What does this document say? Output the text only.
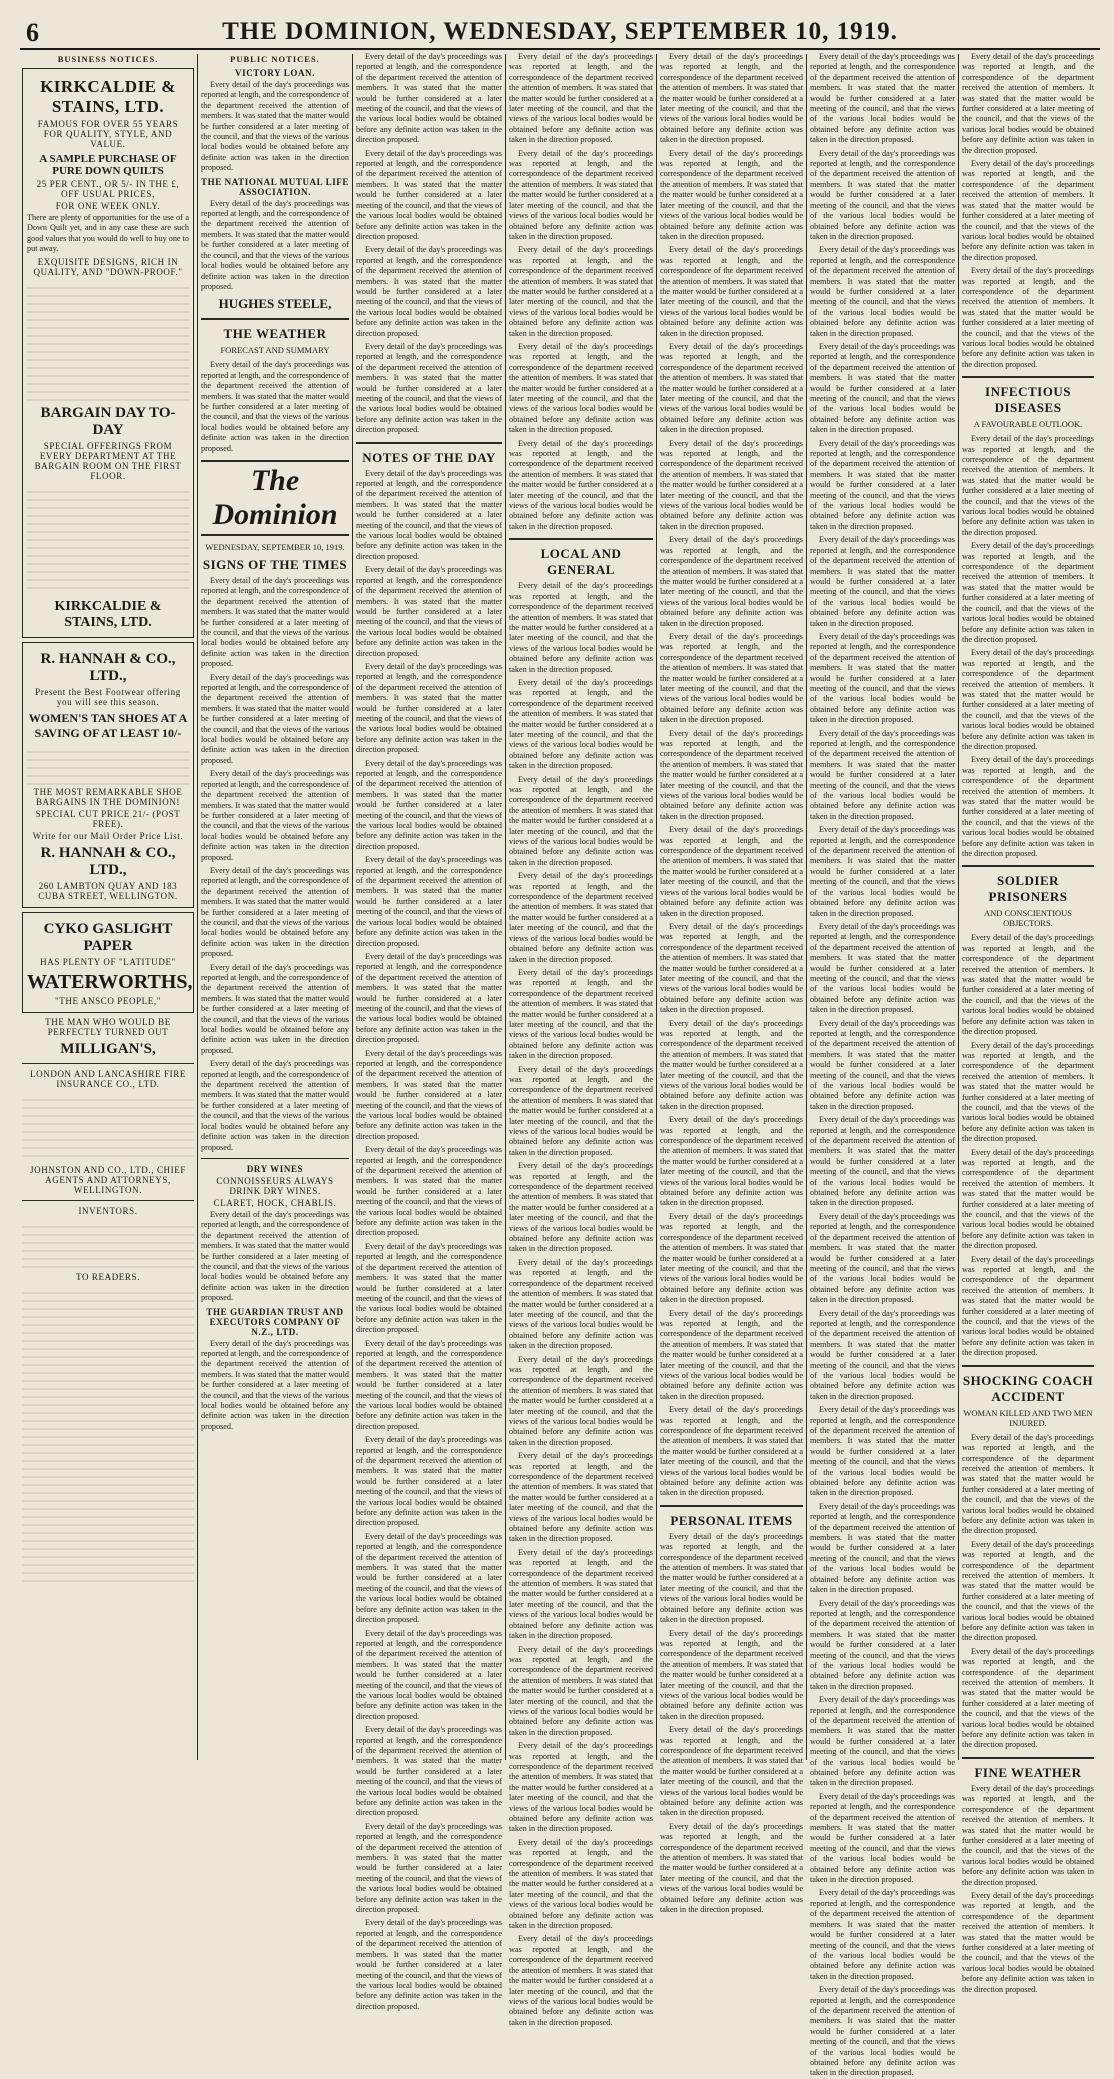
6	THE DOMINION, WEDNESDAY, SEPTEMBER 10, 1919.
BUSINESS NOTICES.
KIRKCALDIE & STAINS, LTD.
FAMOUS FOR OVER 55 YEARS FOR QUALITY, STYLE, AND VALUE.
A SAMPLE PURCHASE OF PURE DOWN QUILTS
25 PER CENT., OR 5/- IN THE £, OFF USUAL PRICES,
FOR ONE WEEK ONLY.

There are plenty of opportunities for the use of a Down Quilt yet, and in any case these are such good values that you would do well to buy one to put away.

EXQUISITE DESIGNS, RICH IN QUALITY, AND "DOWN-PROOF."
BARGAIN DAY TO-DAY
SPECIAL OFFERINGS FROM EVERY DEPARTMENT AT THE BARGAIN ROOM ON THE FIRST FLOOR.
KIRKCALDIE & STAINS, LTD.
R. HANNAH & CO., LTD.,
Present the Best Footwear offering you will see this season.
WOMEN'S TAN SHOES AT A SAVING OF AT LEAST 10/-
THE MOST REMARKABLE SHOE BARGAINS IN THE DOMINION!
SPECIAL CUT PRICE 21/- (POST FREE).
Write for our Mail Order Price List.
R. HANNAH & CO., LTD.,
260 LAMBTON QUAY AND 183 CUBA STREET, WELLINGTON.
CYKO GASLIGHT PAPER
HAS PLENTY OF "LATITUDE"
WATERWORTHS,
"THE ANSCO PEOPLE,"
THE MAN WHO WOULD BE PERFECTLY TURNED OUT
MILLIGAN'S,
LONDON AND LANCASHIRE FIRE INSURANCE CO., LTD.
JOHNSTON AND CO., LTD., CHIEF AGENTS AND ATTORNEYS, WELLINGTON.
INVENTORS.
TO READERS.
PUBLIC NOTICES.
VICTORY LOAN.

Every detail of the day's proceedings was reported at length, and the correspondence of the department received the attention of members. It was stated that the matter would be further considered at a later meeting of the council, and that the views of the various local bodies would be obtained before any definite action was taken in the direction proposed.

THE NATIONAL MUTUAL LIFE ASSOCIATION.

Every detail of the day's proceedings was reported at length, and the correspondence of the department received the attention of members. It was stated that the matter would be further considered at a later meeting of the council, and that the views of the various local bodies would be obtained before any definite action was taken in the direction proposed.

HUGHES STEELE,
THE WEATHER
FORECAST AND SUMMARY

Every detail of the day's proceedings was reported at length, and the correspondence of the department received the attention of members. It was stated that the matter would be further considered at a later meeting of the council, and that the views of the various local bodies would be obtained before any definite action was taken in the direction proposed.

The Dominion
WEDNESDAY, SEPTEMBER 10, 1919.
SIGNS OF THE TIMES

Every detail of the day's proceedings was reported at length, and the correspondence of the department received the attention of members. It was stated that the matter would be further considered at a later meeting of the council, and that the views of the various local bodies would be obtained before any definite action was taken in the direction proposed.

Every detail of the day's proceedings was reported at length, and the correspondence of the department received the attention of members. It was stated that the matter would be further considered at a later meeting of the council, and that the views of the various local bodies would be obtained before any definite action was taken in the direction proposed.

Every detail of the day's proceedings was reported at length, and the correspondence of the department received the attention of members. It was stated that the matter would be further considered at a later meeting of the council, and that the views of the various local bodies would be obtained before any definite action was taken in the direction proposed.

Every detail of the day's proceedings was reported at length, and the correspondence of the department received the attention of members. It was stated that the matter would be further considered at a later meeting of the council, and that the views of the various local bodies would be obtained before any definite action was taken in the direction proposed.

Every detail of the day's proceedings was reported at length, and the correspondence of the department received the attention of members. It was stated that the matter would be further considered at a later meeting of the council, and that the views of the various local bodies would be obtained before any definite action was taken in the direction proposed.

Every detail of the day's proceedings was reported at length, and the correspondence of the department received the attention of members. It was stated that the matter would be further considered at a later meeting of the council, and that the views of the various local bodies would be obtained before any definite action was taken in the direction proposed.

DRY WINES
CONNOISSEURS ALWAYS DRINK DRY WINES.
CLARET, HOCK, CHABLIS.

Every detail of the day's proceedings was reported at length, and the correspondence of the department received the attention of members. It was stated that the matter would be further considered at a later meeting of the council, and that the views of the various local bodies would be obtained before any definite action was taken in the direction proposed.

THE GUARDIAN TRUST AND EXECUTORS COMPANY OF N.Z., LTD.

Every detail of the day's proceedings was reported at length, and the correspondence of the department received the attention of members. It was stated that the matter would be further considered at a later meeting of the council, and that the views of the various local bodies would be obtained before any definite action was taken in the direction proposed.

Every detail of the day's proceedings was reported at length, and the correspondence of the department received the attention of members. It was stated that the matter would be further considered at a later meeting of the council, and that the views of the various local bodies would be obtained before any definite action was taken in the direction proposed.

Every detail of the day's proceedings was reported at length, and the correspondence of the department received the attention of members. It was stated that the matter would be further considered at a later meeting of the council, and that the views of the various local bodies would be obtained before any definite action was taken in the direction proposed.

Every detail of the day's proceedings was reported at length, and the correspondence of the department received the attention of members. It was stated that the matter would be further considered at a later meeting of the council, and that the views of the various local bodies would be obtained before any definite action was taken in the direction proposed.

Every detail of the day's proceedings was reported at length, and the correspondence of the department received the attention of members. It was stated that the matter would be further considered at a later meeting of the council, and that the views of the various local bodies would be obtained before any definite action was taken in the direction proposed.

NOTES OF THE DAY

Every detail of the day's proceedings was reported at length, and the correspondence of the department received the attention of members. It was stated that the matter would be further considered at a later meeting of the council, and that the views of the various local bodies would be obtained before any definite action was taken in the direction proposed.

Every detail of the day's proceedings was reported at length, and the correspondence of the department received the attention of members. It was stated that the matter would be further considered at a later meeting of the council, and that the views of the various local bodies would be obtained before any definite action was taken in the direction proposed.

Every detail of the day's proceedings was reported at length, and the correspondence of the department received the attention of members. It was stated that the matter would be further considered at a later meeting of the council, and that the views of the various local bodies would be obtained before any definite action was taken in the direction proposed.

Every detail of the day's proceedings was reported at length, and the correspondence of the department received the attention of members. It was stated that the matter would be further considered at a later meeting of the council, and that the views of the various local bodies would be obtained before any definite action was taken in the direction proposed.

Every detail of the day's proceedings was reported at length, and the correspondence of the department received the attention of members. It was stated that the matter would be further considered at a later meeting of the council, and that the views of the various local bodies would be obtained before any definite action was taken in the direction proposed.

Every detail of the day's proceedings was reported at length, and the correspondence of the department received the attention of members. It was stated that the matter would be further considered at a later meeting of the council, and that the views of the various local bodies would be obtained before any definite action was taken in the direction proposed.

Every detail of the day's proceedings was reported at length, and the correspondence of the department received the attention of members. It was stated that the matter would be further considered at a later meeting of the council, and that the views of the various local bodies would be obtained before any definite action was taken in the direction proposed.

Every detail of the day's proceedings was reported at length, and the correspondence of the department received the attention of members. It was stated that the matter would be further considered at a later meeting of the council, and that the views of the various local bodies would be obtained before any definite action was taken in the direction proposed.

Every detail of the day's proceedings was reported at length, and the correspondence of the department received the attention of members. It was stated that the matter would be further considered at a later meeting of the council, and that the views of the various local bodies would be obtained before any definite action was taken in the direction proposed.

Every detail of the day's proceedings was reported at length, and the correspondence of the department received the attention of members. It was stated that the matter would be further considered at a later meeting of the council, and that the views of the various local bodies would be obtained before any definite action was taken in the direction proposed.

Every detail of the day's proceedings was reported at length, and the correspondence of the department received the attention of members. It was stated that the matter would be further considered at a later meeting of the council, and that the views of the various local bodies would be obtained before any definite action was taken in the direction proposed.

Every detail of the day's proceedings was reported at length, and the correspondence of the department received the attention of members. It was stated that the matter would be further considered at a later meeting of the council, and that the views of the various local bodies would be obtained before any definite action was taken in the direction proposed.

Every detail of the day's proceedings was reported at length, and the correspondence of the department received the attention of members. It was stated that the matter would be further considered at a later meeting of the council, and that the views of the various local bodies would be obtained before any definite action was taken in the direction proposed.

Every detail of the day's proceedings was reported at length, and the correspondence of the department received the attention of members. It was stated that the matter would be further considered at a later meeting of the council, and that the views of the various local bodies would be obtained before any definite action was taken in the direction proposed.

Every detail of the day's proceedings was reported at length, and the correspondence of the department received the attention of members. It was stated that the matter would be further considered at a later meeting of the council, and that the views of the various local bodies would be obtained before any definite action was taken in the direction proposed.

Every detail of the day's proceedings was reported at length, and the correspondence of the department received the attention of members. It was stated that the matter would be further considered at a later meeting of the council, and that the views of the various local bodies would be obtained before any definite action was taken in the direction proposed.

Every detail of the day's proceedings was reported at length, and the correspondence of the department received the attention of members. It was stated that the matter would be further considered at a later meeting of the council, and that the views of the various local bodies would be obtained before any definite action was taken in the direction proposed.

Every detail of the day's proceedings was reported at length, and the correspondence of the department received the attention of members. It was stated that the matter would be further considered at a later meeting of the council, and that the views of the various local bodies would be obtained before any definite action was taken in the direction proposed.

Every detail of the day's proceedings was reported at length, and the correspondence of the department received the attention of members. It was stated that the matter would be further considered at a later meeting of the council, and that the views of the various local bodies would be obtained before any definite action was taken in the direction proposed.

Every detail of the day's proceedings was reported at length, and the correspondence of the department received the attention of members. It was stated that the matter would be further considered at a later meeting of the council, and that the views of the various local bodies would be obtained before any definite action was taken in the direction proposed.

Every detail of the day's proceedings was reported at length, and the correspondence of the department received the attention of members. It was stated that the matter would be further considered at a later meeting of the council, and that the views of the various local bodies would be obtained before any definite action was taken in the direction proposed.

LOCAL AND GENERAL

Every detail of the day's proceedings was reported at length, and the correspondence of the department received the attention of members. It was stated that the matter would be further considered at a later meeting of the council, and that the views of the various local bodies would be obtained before any definite action was taken in the direction proposed.

Every detail of the day's proceedings was reported at length, and the correspondence of the department received the attention of members. It was stated that the matter would be further considered at a later meeting of the council, and that the views of the various local bodies would be obtained before any definite action was taken in the direction proposed.

Every detail of the day's proceedings was reported at length, and the correspondence of the department received the attention of members. It was stated that the matter would be further considered at a later meeting of the council, and that the views of the various local bodies would be obtained before any definite action was taken in the direction proposed.

Every detail of the day's proceedings was reported at length, and the correspondence of the department received the attention of members. It was stated that the matter would be further considered at a later meeting of the council, and that the views of the various local bodies would be obtained before any definite action was taken in the direction proposed.

Every detail of the day's proceedings was reported at length, and the correspondence of the department received the attention of members. It was stated that the matter would be further considered at a later meeting of the council, and that the views of the various local bodies would be obtained before any definite action was taken in the direction proposed.

Every detail of the day's proceedings was reported at length, and the correspondence of the department received the attention of members. It was stated that the matter would be further considered at a later meeting of the council, and that the views of the various local bodies would be obtained before any definite action was taken in the direction proposed.

Every detail of the day's proceedings was reported at length, and the correspondence of the department received the attention of members. It was stated that the matter would be further considered at a later meeting of the council, and that the views of the various local bodies would be obtained before any definite action was taken in the direction proposed.

Every detail of the day's proceedings was reported at length, and the correspondence of the department received the attention of members. It was stated that the matter would be further considered at a later meeting of the council, and that the views of the various local bodies would be obtained before any definite action was taken in the direction proposed.

Every detail of the day's proceedings was reported at length, and the correspondence of the department received the attention of members. It was stated that the matter would be further considered at a later meeting of the council, and that the views of the various local bodies would be obtained before any definite action was taken in the direction proposed.

Every detail of the day's proceedings was reported at length, and the correspondence of the department received the attention of members. It was stated that the matter would be further considered at a later meeting of the council, and that the views of the various local bodies would be obtained before any definite action was taken in the direction proposed.

Every detail of the day's proceedings was reported at length, and the correspondence of the department received the attention of members. It was stated that the matter would be further considered at a later meeting of the council, and that the views of the various local bodies would be obtained before any definite action was taken in the direction proposed.

Every detail of the day's proceedings was reported at length, and the correspondence of the department received the attention of members. It was stated that the matter would be further considered at a later meeting of the council, and that the views of the various local bodies would be obtained before any definite action was taken in the direction proposed.

Every detail of the day's proceedings was reported at length, and the correspondence of the department received the attention of members. It was stated that the matter would be further considered at a later meeting of the council, and that the views of the various local bodies would be obtained before any definite action was taken in the direction proposed.

Every detail of the day's proceedings was reported at length, and the correspondence of the department received the attention of members. It was stated that the matter would be further considered at a later meeting of the council, and that the views of the various local bodies would be obtained before any definite action was taken in the direction proposed.

Every detail of the day's proceedings was reported at length, and the correspondence of the department received the attention of members. It was stated that the matter would be further considered at a later meeting of the council, and that the views of the various local bodies would be obtained before any definite action was taken in the direction proposed.

Every detail of the day's proceedings was reported at length, and the correspondence of the department received the attention of members. It was stated that the matter would be further considered at a later meeting of the council, and that the views of the various local bodies would be obtained before any definite action was taken in the direction proposed.

Every detail of the day's proceedings was reported at length, and the correspondence of the department received the attention of members. It was stated that the matter would be further considered at a later meeting of the council, and that the views of the various local bodies would be obtained before any definite action was taken in the direction proposed.

Every detail of the day's proceedings was reported at length, and the correspondence of the department received the attention of members. It was stated that the matter would be further considered at a later meeting of the council, and that the views of the various local bodies would be obtained before any definite action was taken in the direction proposed.

Every detail of the day's proceedings was reported at length, and the correspondence of the department received the attention of members. It was stated that the matter would be further considered at a later meeting of the council, and that the views of the various local bodies would be obtained before any definite action was taken in the direction proposed.

Every detail of the day's proceedings was reported at length, and the correspondence of the department received the attention of members. It was stated that the matter would be further considered at a later meeting of the council, and that the views of the various local bodies would be obtained before any definite action was taken in the direction proposed.

Every detail of the day's proceedings was reported at length, and the correspondence of the department received the attention of members. It was stated that the matter would be further considered at a later meeting of the council, and that the views of the various local bodies would be obtained before any definite action was taken in the direction proposed.

Every detail of the day's proceedings was reported at length, and the correspondence of the department received the attention of members. It was stated that the matter would be further considered at a later meeting of the council, and that the views of the various local bodies would be obtained before any definite action was taken in the direction proposed.

Every detail of the day's proceedings was reported at length, and the correspondence of the department received the attention of members. It was stated that the matter would be further considered at a later meeting of the council, and that the views of the various local bodies would be obtained before any definite action was taken in the direction proposed.

Every detail of the day's proceedings was reported at length, and the correspondence of the department received the attention of members. It was stated that the matter would be further considered at a later meeting of the council, and that the views of the various local bodies would be obtained before any definite action was taken in the direction proposed.

Every detail of the day's proceedings was reported at length, and the correspondence of the department received the attention of members. It was stated that the matter would be further considered at a later meeting of the council, and that the views of the various local bodies would be obtained before any definite action was taken in the direction proposed.

Every detail of the day's proceedings was reported at length, and the correspondence of the department received the attention of members. It was stated that the matter would be further considered at a later meeting of the council, and that the views of the various local bodies would be obtained before any definite action was taken in the direction proposed.

Every detail of the day's proceedings was reported at length, and the correspondence of the department received the attention of members. It was stated that the matter would be further considered at a later meeting of the council, and that the views of the various local bodies would be obtained before any definite action was taken in the direction proposed.

Every detail of the day's proceedings was reported at length, and the correspondence of the department received the attention of members. It was stated that the matter would be further considered at a later meeting of the council, and that the views of the various local bodies would be obtained before any definite action was taken in the direction proposed.

Every detail of the day's proceedings was reported at length, and the correspondence of the department received the attention of members. It was stated that the matter would be further considered at a later meeting of the council, and that the views of the various local bodies would be obtained before any definite action was taken in the direction proposed.

Every detail of the day's proceedings was reported at length, and the correspondence of the department received the attention of members. It was stated that the matter would be further considered at a later meeting of the council, and that the views of the various local bodies would be obtained before any definite action was taken in the direction proposed.

PERSONAL ITEMS

Every detail of the day's proceedings was reported at length, and the correspondence of the department received the attention of members. It was stated that the matter would be further considered at a later meeting of the council, and that the views of the various local bodies would be obtained before any definite action was taken in the direction proposed.

Every detail of the day's proceedings was reported at length, and the correspondence of the department received the attention of members. It was stated that the matter would be further considered at a later meeting of the council, and that the views of the various local bodies would be obtained before any definite action was taken in the direction proposed.

Every detail of the day's proceedings was reported at length, and the correspondence of the department received the attention of members. It was stated that the matter would be further considered at a later meeting of the council, and that the views of the various local bodies would be obtained before any definite action was taken in the direction proposed.

Every detail of the day's proceedings was reported at length, and the correspondence of the department received the attention of members. It was stated that the matter would be further considered at a later meeting of the council, and that the views of the various local bodies would be obtained before any definite action was taken in the direction proposed.

Every detail of the day's proceedings was reported at length, and the correspondence of the department received the attention of members. It was stated that the matter would be further considered at a later meeting of the council, and that the views of the various local bodies would be obtained before any definite action was taken in the direction proposed.

Every detail of the day's proceedings was reported at length, and the correspondence of the department received the attention of members. It was stated that the matter would be further considered at a later meeting of the council, and that the views of the various local bodies would be obtained before any definite action was taken in the direction proposed.

Every detail of the day's proceedings was reported at length, and the correspondence of the department received the attention of members. It was stated that the matter would be further considered at a later meeting of the council, and that the views of the various local bodies would be obtained before any definite action was taken in the direction proposed.

Every detail of the day's proceedings was reported at length, and the correspondence of the department received the attention of members. It was stated that the matter would be further considered at a later meeting of the council, and that the views of the various local bodies would be obtained before any definite action was taken in the direction proposed.

Every detail of the day's proceedings was reported at length, and the correspondence of the department received the attention of members. It was stated that the matter would be further considered at a later meeting of the council, and that the views of the various local bodies would be obtained before any definite action was taken in the direction proposed.

Every detail of the day's proceedings was reported at length, and the correspondence of the department received the attention of members. It was stated that the matter would be further considered at a later meeting of the council, and that the views of the various local bodies would be obtained before any definite action was taken in the direction proposed.

Every detail of the day's proceedings was reported at length, and the correspondence of the department received the attention of members. It was stated that the matter would be further considered at a later meeting of the council, and that the views of the various local bodies would be obtained before any definite action was taken in the direction proposed.

Every detail of the day's proceedings was reported at length, and the correspondence of the department received the attention of members. It was stated that the matter would be further considered at a later meeting of the council, and that the views of the various local bodies would be obtained before any definite action was taken in the direction proposed.

Every detail of the day's proceedings was reported at length, and the correspondence of the department received the attention of members. It was stated that the matter would be further considered at a later meeting of the council, and that the views of the various local bodies would be obtained before any definite action was taken in the direction proposed.

Every detail of the day's proceedings was reported at length, and the correspondence of the department received the attention of members. It was stated that the matter would be further considered at a later meeting of the council, and that the views of the various local bodies would be obtained before any definite action was taken in the direction proposed.

Every detail of the day's proceedings was reported at length, and the correspondence of the department received the attention of members. It was stated that the matter would be further considered at a later meeting of the council, and that the views of the various local bodies would be obtained before any definite action was taken in the direction proposed.

Every detail of the day's proceedings was reported at length, and the correspondence of the department received the attention of members. It was stated that the matter would be further considered at a later meeting of the council, and that the views of the various local bodies would be obtained before any definite action was taken in the direction proposed.

Every detail of the day's proceedings was reported at length, and the correspondence of the department received the attention of members. It was stated that the matter would be further considered at a later meeting of the council, and that the views of the various local bodies would be obtained before any definite action was taken in the direction proposed.

Every detail of the day's proceedings was reported at length, and the correspondence of the department received the attention of members. It was stated that the matter would be further considered at a later meeting of the council, and that the views of the various local bodies would be obtained before any definite action was taken in the direction proposed.

Every detail of the day's proceedings was reported at length, and the correspondence of the department received the attention of members. It was stated that the matter would be further considered at a later meeting of the council, and that the views of the various local bodies would be obtained before any definite action was taken in the direction proposed.

Every detail of the day's proceedings was reported at length, and the correspondence of the department received the attention of members. It was stated that the matter would be further considered at a later meeting of the council, and that the views of the various local bodies would be obtained before any definite action was taken in the direction proposed.

Every detail of the day's proceedings was reported at length, and the correspondence of the department received the attention of members. It was stated that the matter would be further considered at a later meeting of the council, and that the views of the various local bodies would be obtained before any definite action was taken in the direction proposed.

Every detail of the day's proceedings was reported at length, and the correspondence of the department received the attention of members. It was stated that the matter would be further considered at a later meeting of the council, and that the views of the various local bodies would be obtained before any definite action was taken in the direction proposed.

Every detail of the day's proceedings was reported at length, and the correspondence of the department received the attention of members. It was stated that the matter would be further considered at a later meeting of the council, and that the views of the various local bodies would be obtained before any definite action was taken in the direction proposed.

Every detail of the day's proceedings was reported at length, and the correspondence of the department received the attention of members. It was stated that the matter would be further considered at a later meeting of the council, and that the views of the various local bodies would be obtained before any definite action was taken in the direction proposed.

Every detail of the day's proceedings was reported at length, and the correspondence of the department received the attention of members. It was stated that the matter would be further considered at a later meeting of the council, and that the views of the various local bodies would be obtained before any definite action was taken in the direction proposed.

Every detail of the day's proceedings was reported at length, and the correspondence of the department received the attention of members. It was stated that the matter would be further considered at a later meeting of the council, and that the views of the various local bodies would be obtained before any definite action was taken in the direction proposed.

Every detail of the day's proceedings was reported at length, and the correspondence of the department received the attention of members. It was stated that the matter would be further considered at a later meeting of the council, and that the views of the various local bodies would be obtained before any definite action was taken in the direction proposed.

Every detail of the day's proceedings was reported at length, and the correspondence of the department received the attention of members. It was stated that the matter would be further considered at a later meeting of the council, and that the views of the various local bodies would be obtained before any definite action was taken in the direction proposed.

INFECTIOUS DISEASES
A FAVOURABLE OUTLOOK.

Every detail of the day's proceedings was reported at length, and the correspondence of the department received the attention of members. It was stated that the matter would be further considered at a later meeting of the council, and that the views of the various local bodies would be obtained before any definite action was taken in the direction proposed.

Every detail of the day's proceedings was reported at length, and the correspondence of the department received the attention of members. It was stated that the matter would be further considered at a later meeting of the council, and that the views of the various local bodies would be obtained before any definite action was taken in the direction proposed.

Every detail of the day's proceedings was reported at length, and the correspondence of the department received the attention of members. It was stated that the matter would be further considered at a later meeting of the council, and that the views of the various local bodies would be obtained before any definite action was taken in the direction proposed.

Every detail of the day's proceedings was reported at length, and the correspondence of the department received the attention of members. It was stated that the matter would be further considered at a later meeting of the council, and that the views of the various local bodies would be obtained before any definite action was taken in the direction proposed.

SOLDIER PRISONERS
AND CONSCIENTIOUS OBJECTORS.

Every detail of the day's proceedings was reported at length, and the correspondence of the department received the attention of members. It was stated that the matter would be further considered at a later meeting of the council, and that the views of the various local bodies would be obtained before any definite action was taken in the direction proposed.

Every detail of the day's proceedings was reported at length, and the correspondence of the department received the attention of members. It was stated that the matter would be further considered at a later meeting of the council, and that the views of the various local bodies would be obtained before any definite action was taken in the direction proposed.

Every detail of the day's proceedings was reported at length, and the correspondence of the department received the attention of members. It was stated that the matter would be further considered at a later meeting of the council, and that the views of the various local bodies would be obtained before any definite action was taken in the direction proposed.

Every detail of the day's proceedings was reported at length, and the correspondence of the department received the attention of members. It was stated that the matter would be further considered at a later meeting of the council, and that the views of the various local bodies would be obtained before any definite action was taken in the direction proposed.

SHOCKING COACH ACCIDENT
WOMAN KILLED AND TWO MEN INJURED.

Every detail of the day's proceedings was reported at length, and the correspondence of the department received the attention of members. It was stated that the matter would be further considered at a later meeting of the council, and that the views of the various local bodies would be obtained before any definite action was taken in the direction proposed.

Every detail of the day's proceedings was reported at length, and the correspondence of the department received the attention of members. It was stated that the matter would be further considered at a later meeting of the council, and that the views of the various local bodies would be obtained before any definite action was taken in the direction proposed.

Every detail of the day's proceedings was reported at length, and the correspondence of the department received the attention of members. It was stated that the matter would be further considered at a later meeting of the council, and that the views of the various local bodies would be obtained before any definite action was taken in the direction proposed.

FINE WEATHER

Every detail of the day's proceedings was reported at length, and the correspondence of the department received the attention of members. It was stated that the matter would be further considered at a later meeting of the council, and that the views of the various local bodies would be obtained before any definite action was taken in the direction proposed.

Every detail of the day's proceedings was reported at length, and the correspondence of the department received the attention of members. It was stated that the matter would be further considered at a later meeting of the council, and that the views of the various local bodies would be obtained before any definite action was taken in the direction proposed.
